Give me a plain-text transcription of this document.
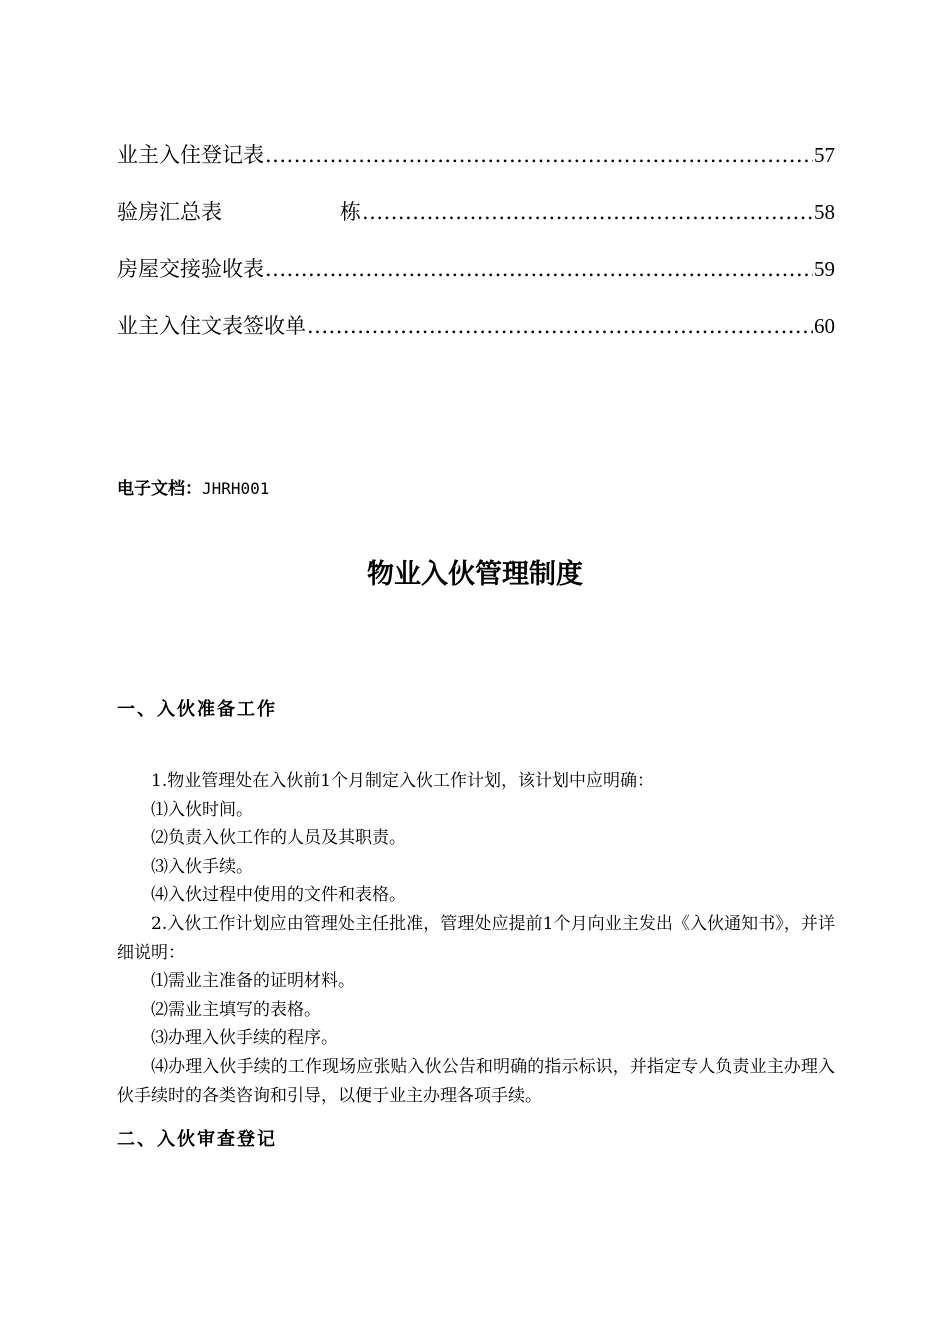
业主入住登记表 .....	57
验房汇总表	栋 .....	58
房屋交接验收表 .....	59
业主入住文表签收单 .....	60
电子文档：JHRH001
物业入伙管理制度
一、入伙准备工作

1.物业管理处在入伙前1个月制定入伙工作计划，该计划中应明确：

⑴入伙时间。

⑵负责入伙工作的人员及其职责。

⑶入伙手续。

⑷入伙过程中使用的文件和表格。

2.入伙工作计划应由管理处主任批准，管理处应提前1个月向业主发出《入伙通知书》，并详细说明：

⑴需业主准备的证明材料。

⑵需业主填写的表格。

⑶办理入伙手续的程序。

⑷办理入伙手续的工作现场应张贴入伙公告和明确的指示标识，并指定专人负责业主办理入伙手续时的各类咨询和引导，以便于业主办理各项手续。

二、入伙审查登记
